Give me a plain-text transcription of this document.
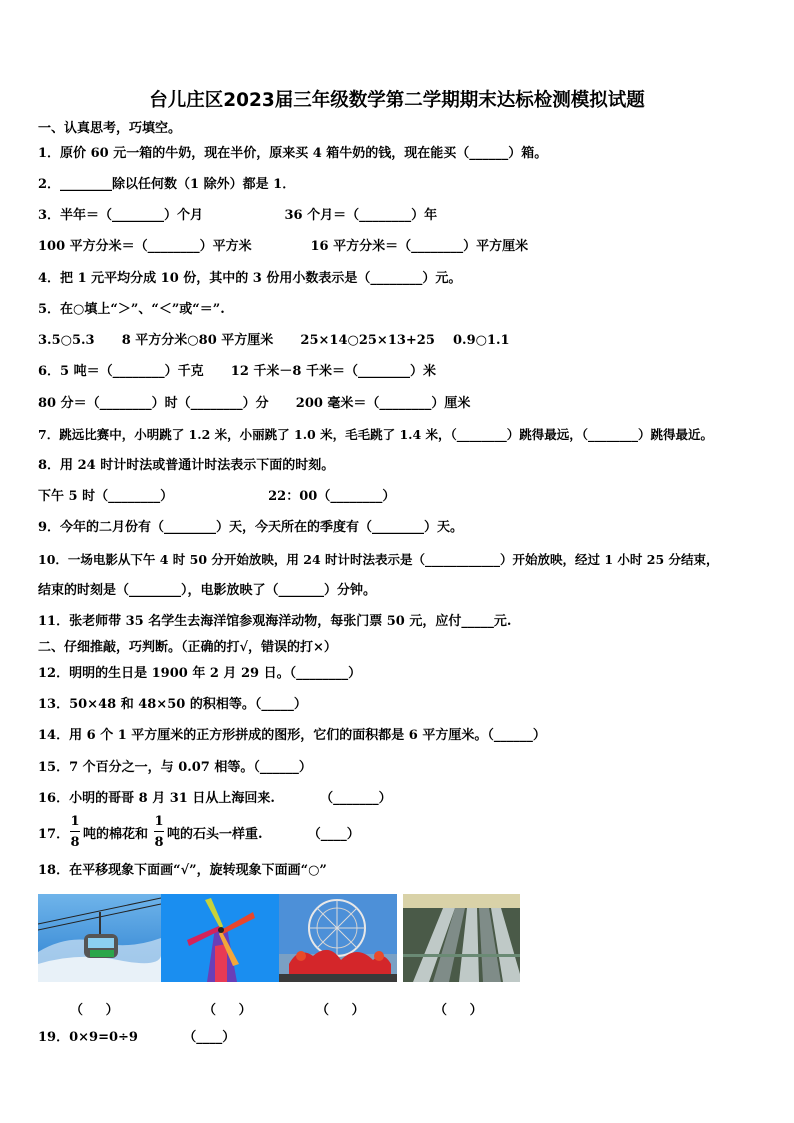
台儿庄区2023届三年级数学第二学期期末达标检测模拟试题
一、认真思考，巧填空。
1．原价 60 元一箱的牛奶，现在半价，原来买 4 箱牛奶的钱，现在能买（______）箱。
2．________除以任何数（1 除外）都是 1．
3．半年＝（________）个月                  36 个月＝（________）年
100 平方分米＝（________）平方米             16 平方分米＝（________）平方厘米
4．把 1 元平均分成 10 份，其中的 3 份用小数表示是（________）元。
5．在○填上“＞”、“＜”或“＝”.
3.5○5.3      8 平方分米○80 平方厘米      25×14○25×13+25    0.9○1.1
6．5 吨＝（________）千克      12 千米－8 千米＝（________）米
80 分＝（________）时（________）分      200 毫米＝（________）厘米
7．跳远比赛中，小明跳了 1.2 米，小丽跳了 1.0 米，毛毛跳了 1.4 米，（________）跳得最远，（________）跳得最近。
8．用 24 时计时法或普通计时法表示下面的时刻。
下午 5 时（________）                     22：00（________）
9．今年的二月份有（________）天，今天所在的季度有（________）天。
10．一场电影从下午 4 时 50 分开始放映，用 24 时计时法表示是（____________）开始放映，经过 1 小时 25 分结束，
结束的时刻是（________），电影放映了（_______）分钟。
11．张老师带 35 名学生去海洋馆参观海洋动物，每张门票 50 元，应付_____元.
二、仔细推敲，巧判断。（正确的打√，错误的打×）
12．明明的生日是 1900 年 2 月 29 日。（________）
13．50×48 和 48×50 的积相等。（_____）
14．用 6 个 1 平方厘米的正方形拼成的图形，它们的面积都是 6 平方厘米。（______）
15．7 个百分之一，与 0.07 相等。（______）
16．小明的哥哥 8 月 31 日从上海回来.          （_______）
17．
1
8
吨的棉花和
1
8
吨的石头一样重.          （____）
18．在平移现象下面画“√”，旋转现象下面画“○”
（     ）	（     ）	（     ）	（     ）
19．0×9=0÷9          （____）
